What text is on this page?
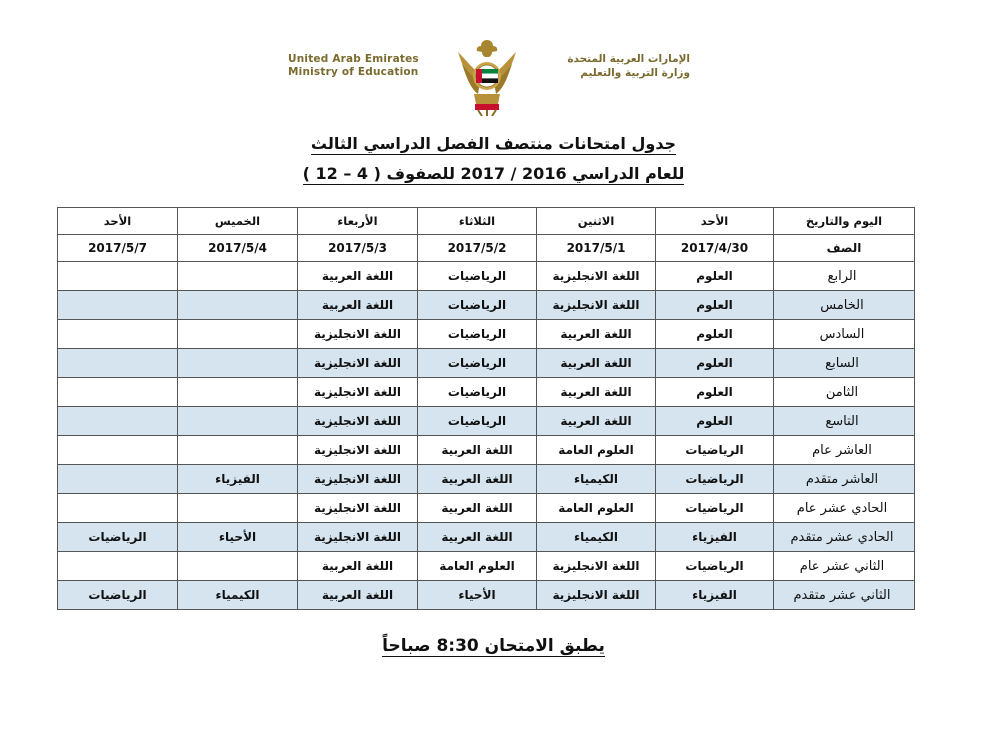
United Arab Emirates
Ministry of Education
الإمارات العربية المتحدة
وزارة التربية والتعليم
جدول امتحانات منتصف الفصل الدراسي الثالث
للعام الدراسي 2016 / 2017 للصفوف ( 4 – 12 )
اليوم والتاريخ	الأحد	الاثنين	الثلاثاء	الأربعاء	الخميس	الأحد
الصف	2017/4/30	2017/5/1	2017/5/2	2017/5/3	2017/5/4	2017/5/7
الرابع	العلوم	اللغة الانجليزية	الرياضيات	اللغة العربية		
الخامس	العلوم	اللغة الانجليزية	الرياضيات	اللغة العربية		
السادس	العلوم	اللغة العربية	الرياضيات	اللغة الانجليزية		
السابع	العلوم	اللغة العربية	الرياضيات	اللغة الانجليزية		
الثامن	العلوم	اللغة العربية	الرياضيات	اللغة الانجليزية		
التاسع	العلوم	اللغة العربية	الرياضيات	اللغة الانجليزية		
العاشر عام	الرياضيات	العلوم العامة	اللغة العربية	اللغة الانجليزية		
العاشر متقدم	الرياضيات	الكيمياء	اللغة العربية	اللغة الانجليزية	الفيزياء	
الحادي عشر عام	الرياضيات	العلوم العامة	اللغة العربية	اللغة الانجليزية		
الحادي عشر متقدم	الفيزياء	الكيمياء	اللغة العربية	اللغة الانجليزية	الأحياء	الرياضيات
الثاني عشر عام	الرياضيات	اللغة الانجليزية	العلوم العامة	اللغة العربية		
الثاني عشر متقدم	الفيزياء	اللغة الانجليزية	الأحياء	اللغة العربية	الكيمياء	الرياضيات
يطبق الامتحان 8:30 صباحاً
